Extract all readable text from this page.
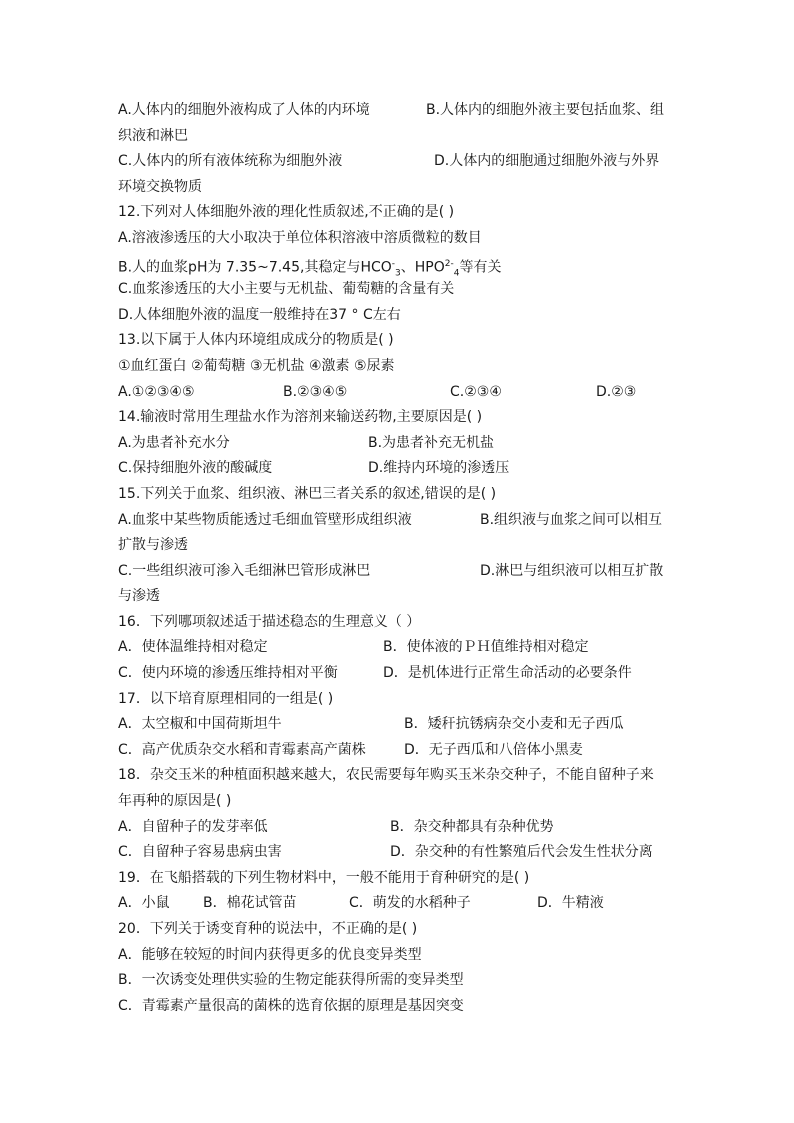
A.人体内的细胞外液构成了人体的内环境	B.人体内的细胞外液主要包括血浆、组
织液和淋巴
C.人体内的所有液体统称为细胞外液	D.人体内的细胞通过细胞外液与外界
环境交换物质
12.下列对人体细胞外液的理化性质叙述,不正确的是( )
A.溶液渗透压的大小取决于单位体积溶液中溶质微粒的数目
B.人的血浆pH为 7.35~7.45,其稳定与$HCO^-_3$、$HPO^{2-}_4$等有关
C.血浆渗透压的大小主要与无机盐、葡萄糖的含量有关
D.人体细胞外液的温度一般维持在37 ° C左右
13.以下属于人体内环境组成成分的物质是( )
①血红蛋白 ②葡萄糖 ③无机盐 ④激素 ⑤尿素
A.①②③④⑤	B.②③④⑤	C.②③④	D.②③
14.输液时常用生理盐水作为溶剂来输送药物,主要原因是( )
A.为患者补充水分	B.为患者补充无机盐
C.保持细胞外液的酸碱度	D.维持内环境的渗透压
15.下列关于血浆、组织液、淋巴三者关系的叙述,错误的是( )
A.血浆中某些物质能透过毛细血管壁形成组织液	B.组织液与血浆之间可以相互
扩散与渗透
C.一些组织液可渗入毛细淋巴管形成淋巴	D.淋巴与组织液可以相互扩散
与渗透
16．下列哪项叙述适于描述稳态的生理意义（ ）
A．使体温维持相对稳定	B．使体液的ＰＨ值维持相对稳定
C．使内环境的渗透压维持相对平衡	D．是机体进行正常生命活动的必要条件
17．以下培育原理相同的一组是( )
A．太空椒和中国荷斯坦牛	B．矮秆抗锈病杂交小麦和无子西瓜
C．高产优质杂交水稻和青霉素高产菌株	D．无子西瓜和八倍体小黑麦
18．杂交玉米的种植面积越来越大，农民需要每年购买玉米杂交种子，不能自留种子来
年再种的原因是( )
A．自留种子的发芽率低	B．杂交种都具有杂种优势
C．自留种子容易患病虫害	D．杂交种的有性繁殖后代会发生性状分离
19．在飞船搭载的下列生物材料中，一般不能用于育种研究的是( )
A．小鼠 B．棉花试管苗	C．萌发的水稻种子	D．牛精液
20．下列关于诱变育种的说法中，不正确的是( )
A．能够在较短的时间内获得更多的优良变异类型
B．一次诱变处理供实验的生物定能获得所需的变异类型
C．青霉素产量很高的菌株的选育依据的原理是基因突变
